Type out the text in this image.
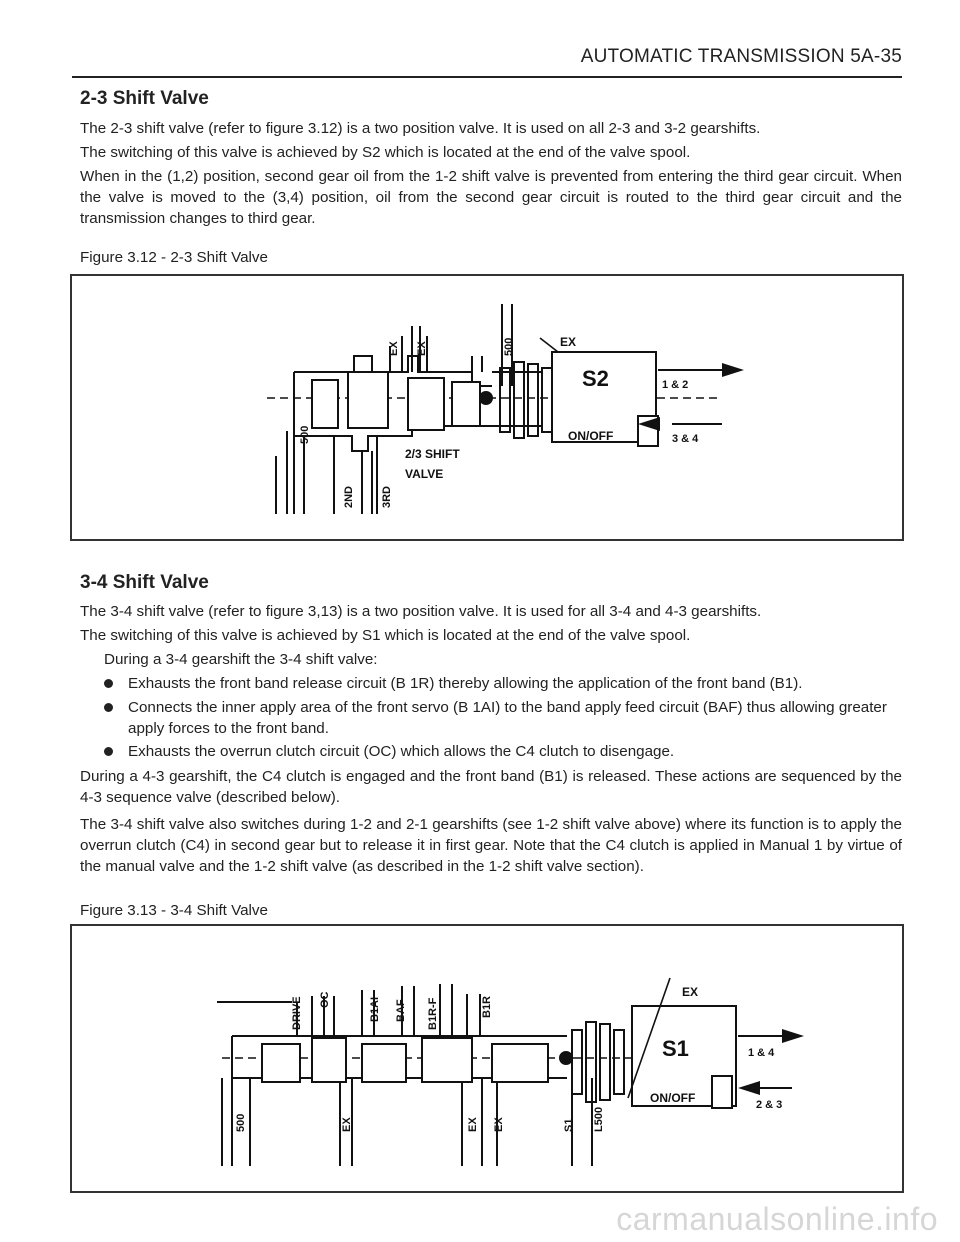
AUTOMATIC TRANSMISSION 5A-35
2-3 Shift Valve
The 2-3 shift valve (refer to figure 3.12) is a two position valve. It is used on all 2-3 and 3-2 gearshifts.
The switching of this valve is achieved by S2 which is located at the end of the valve spool.
When in the (1,2) position, second gear oil from the 1-2 shift valve is prevented from entering the third gear circuit. When the valve is moved to the (3,4) position, oil from the second gear circuit is routed to the third gear circuit and the transmission changes to third gear.
Figure 3.12 - 2-3 Shift Valve
EX EX	500	EX
S2	1 & 2
ON/OFF	3 & 4
500
2/3 SHIFT
VALVE
2ND 3RD
3-4 Shift Valve
The 3-4 shift valve (refer to figure 3,13) is a two position valve. It is used for all 3-4 and 4-3 gearshifts.
The switching of this valve is achieved by S1 which is located at the end of the valve spool.
During a 3-4 gearshift the 3-4 shift valve:
Exhausts the front band release circuit (B 1R) thereby allowing the application of the front band (B1).
Connects the inner apply area of the front servo (B 1AI) to the band apply feed circuit (BAF) thus allowing greater apply forces to the front band.
Exhausts the overrun clutch circuit (OC) which allows the C4 clutch to disengage.
During a 4-3 gearshift, the C4 clutch is engaged and the front band (B1) is released. These actions are sequenced by the 4-3 sequence valve (described below).
The 3-4 shift valve also switches during 1-2 and 2-1 gearshifts (see 1-2 shift valve above) where its function is to apply the overrun clutch (C4) in second gear but to release it in first gear. Note that the C4 clutch is applied in Manual 1 by virtue of the manual valve and the 1-2 shift valve (as described in the 1-2 shift valve section).
Figure 3.13 - 3-4 Shift Valve
DRIVE OC	B1AI BAF B1R-F	B1R
EX
S1	1 & 4
ON/OFF	2 & 3
500	EX	EX EX	S1 L500
carmanualsonline.info
